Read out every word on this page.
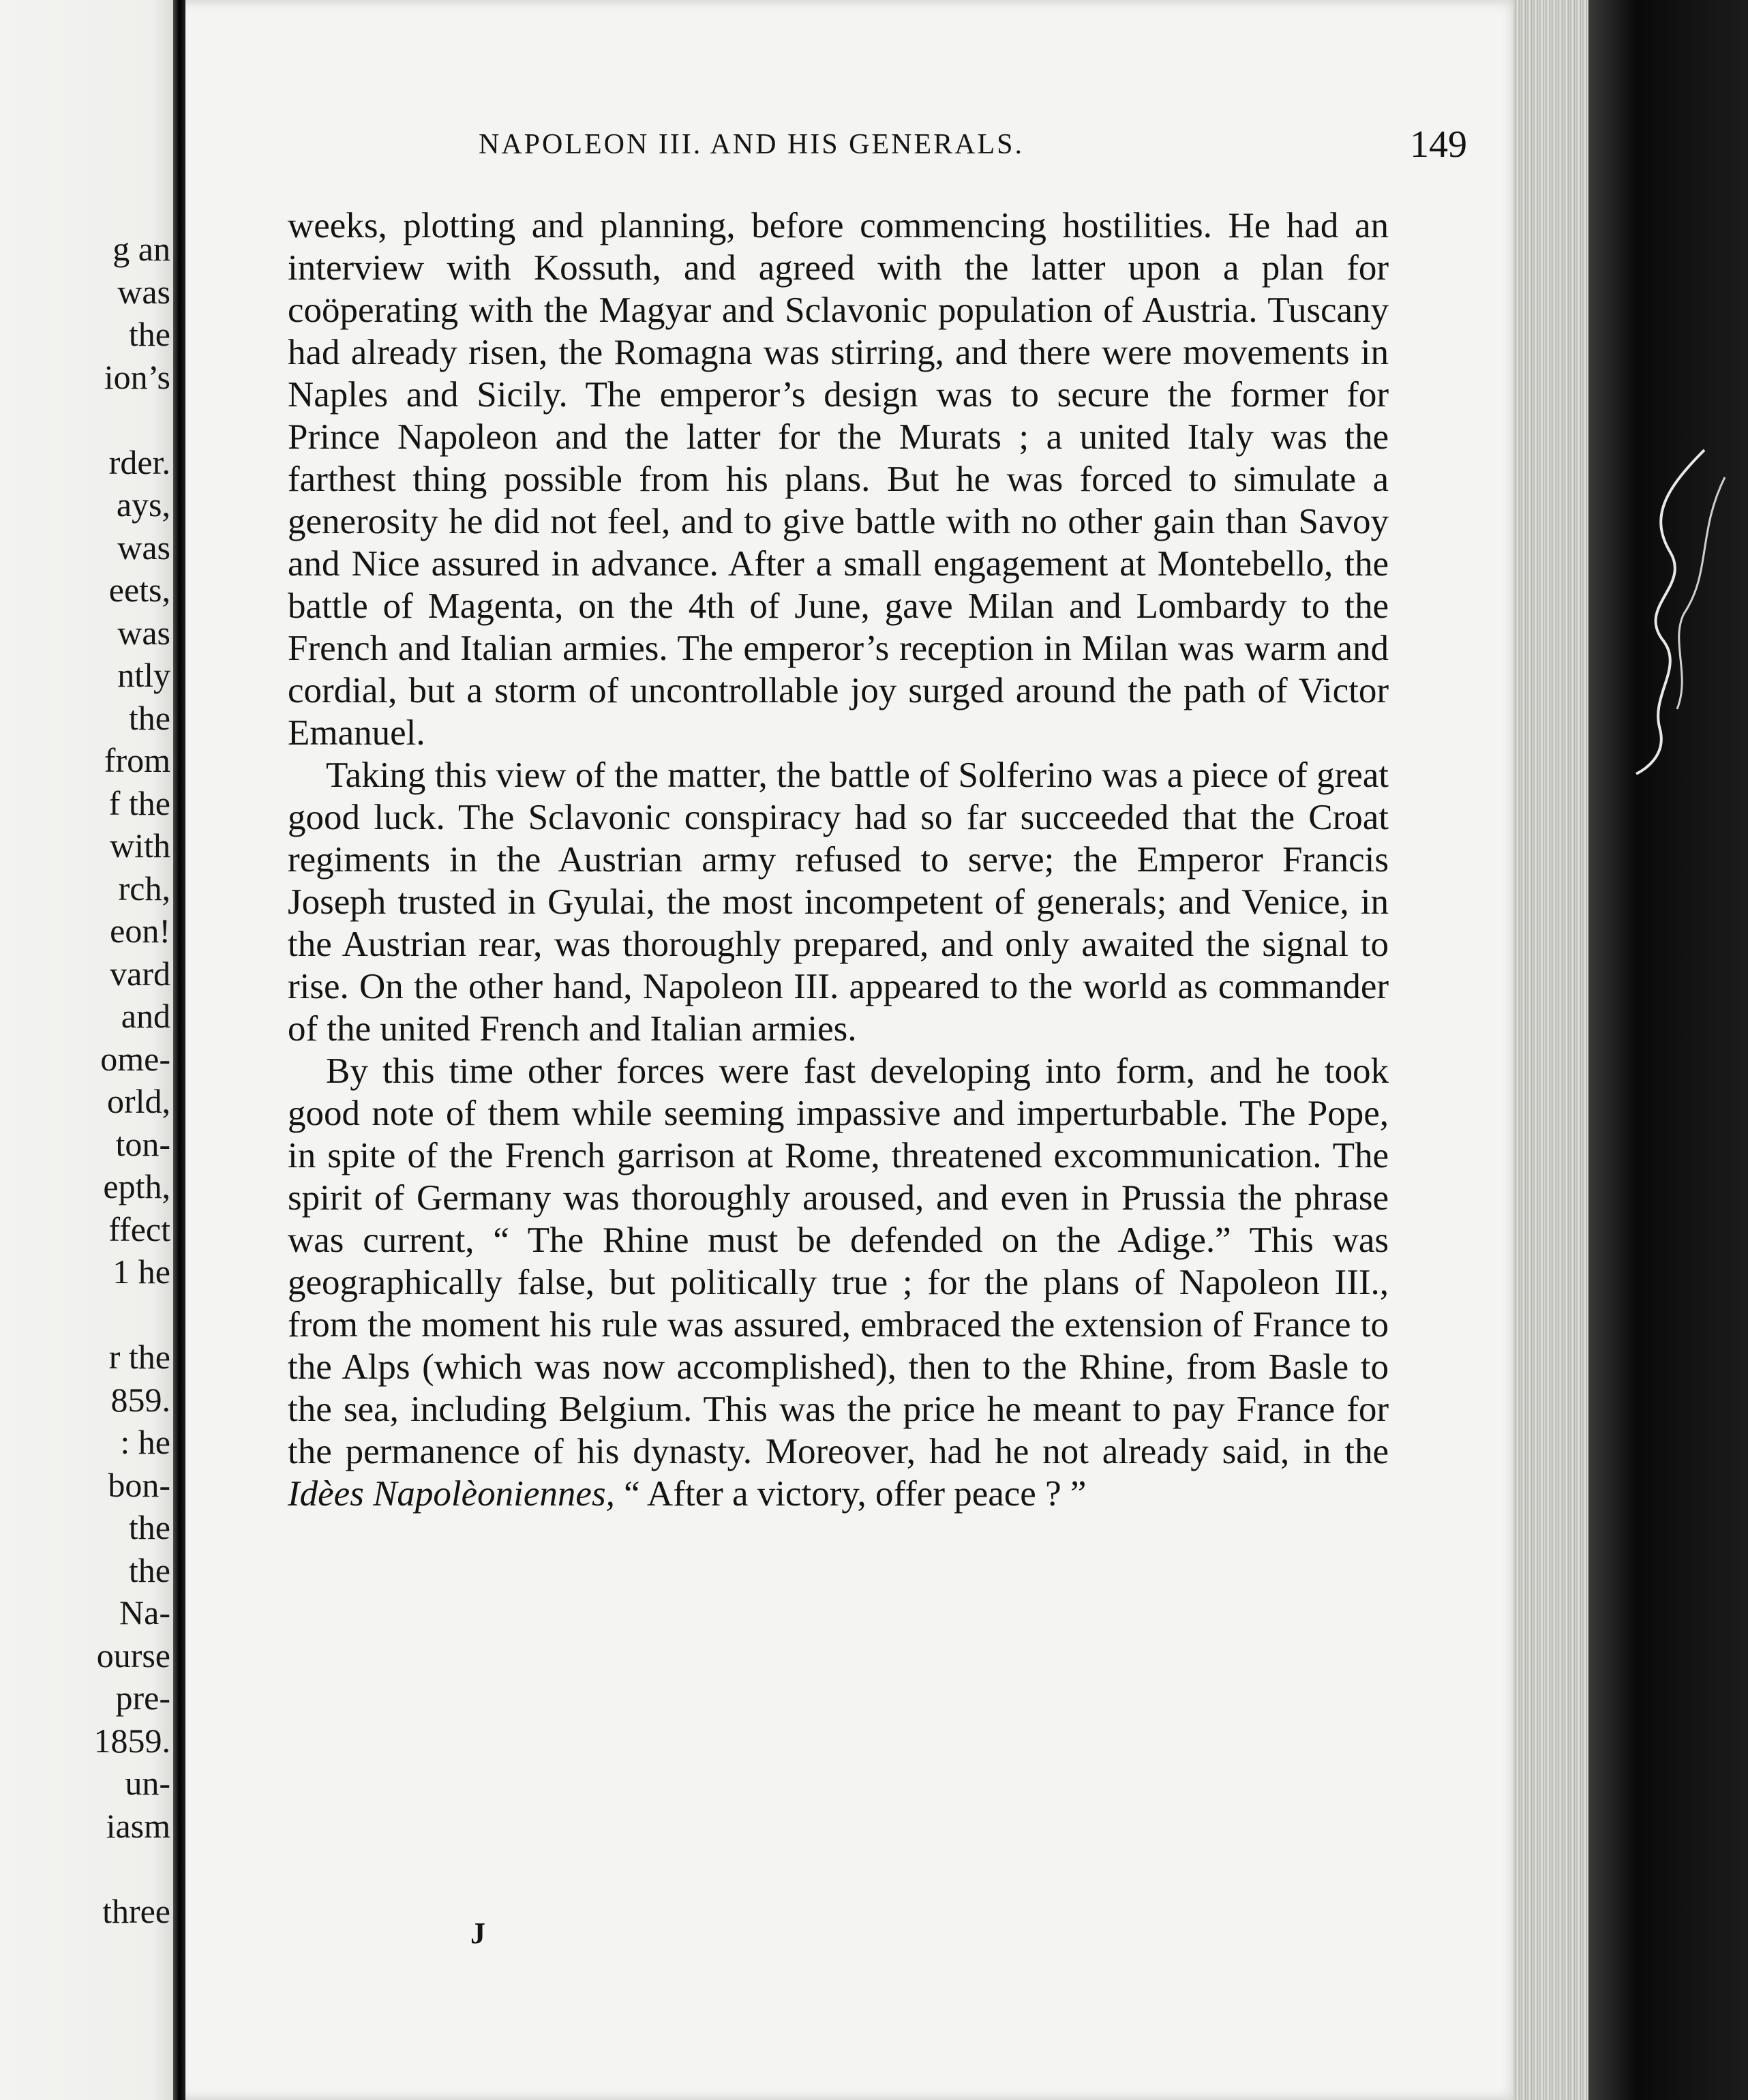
g an
was
the
ion’s
rder.
ays,
was
eets,
was
ntly
the
from
f the
with
rch,
eon!
vard
and
ome-
orld,
ton-
epth,
ffect
1 he
r the
859.
: he
bon-
the
the
Na-
ourse
pre-
1859.
un-
iasm
three
NAPOLEON III. AND HIS GENERALS.	149

weeks, plotting and planning, before commencing hostilities. He had an interview with Kossuth, and agreed with the latter upon a plan for coöperating with the Magyar and Sclavonic population of Austria. Tuscany had already risen, the Romagna was stirring, and there were movements in Naples and Sicily. The emperor’s design was to secure the former for Prince Napoleon and the latter for the Murats ; a united Italy was the farthest thing possible from his plans. But he was forced to simulate a generosity he did not feel, and to give battle with no other gain than Savoy and Nice assured in advance. After a small engagement at Montebello, the battle of Magenta, on the 4th of June, gave Milan and Lombardy to the French and Italian armies. The emperor’s reception in Milan was warm and cordial, but a storm of uncontrollable joy surged around the path of Victor Emanuel.

Taking this view of the matter, the battle of Solferino was a piece of great good luck. The Sclavonic conspiracy had so far succeeded that the Croat regiments in the Austrian army refused to serve; the Emperor Francis Joseph trusted in Gyulai, the most incompetent of generals; and Venice, in the Austrian rear, was thoroughly prepared, and only awaited the signal to rise. On the other hand, Napoleon III. appeared to the world as commander of the united French and Italian armies.

By this time other forces were fast developing into form, and he took good note of them while seeming impassive and imperturbable. The Pope, in spite of the French garrison at Rome, threatened excommunication. The spirit of Germany was thoroughly aroused, and even in Prussia the phrase was current, “ The Rhine must be defended on the Adige.” This was geographically false, but politically true ; for the plans of Napoleon III., from the moment his rule was assured, embraced the extension of France to the Alps (which was now accomplished), then to the Rhine, from Basle to the sea, including Belgium. This was the price he meant to pay France for the permanence of his dynasty. Moreover, had he not already said, in the Idèes Napolèoniennes, “ After a victory, offer peace ? ”

J
